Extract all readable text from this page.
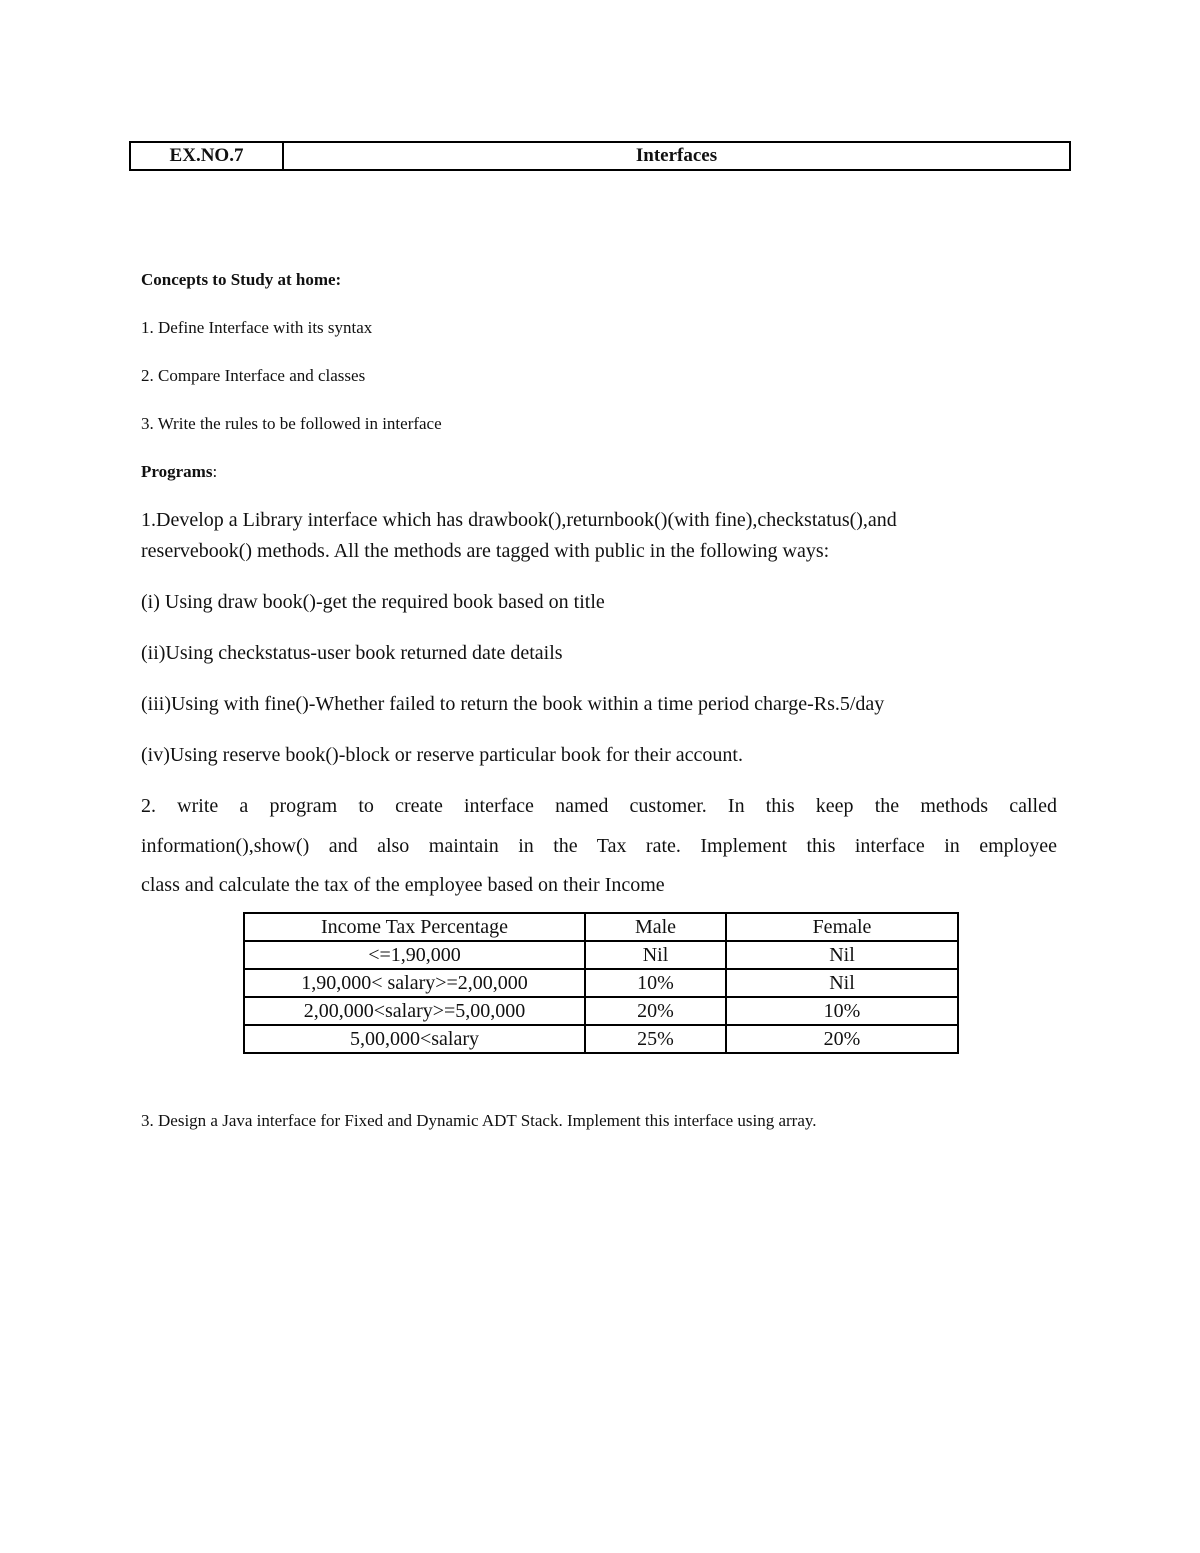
EX.NO.7	Interfaces
Concepts to Study at home:
1. Define Interface with its syntax
2. Compare Interface and classes
3. Write the rules to be followed in interface
Programs:
1.Develop a Library interface which has drawbook(),returnbook()(with fine),checkstatus(),and
reservebook() methods. All the methods are tagged with public in the following ways:
(i) Using draw book()-get the required book based on title
(ii)Using checkstatus-user book returned date details
(iii)Using with fine()-Whether failed to return the book within a time period charge-Rs.5/day
(iv)Using reserve book()-block or reserve particular book for their account.
2. write a program to create interface named customer. In this keep the methods called
information(),show() and also maintain in the Tax rate. Implement this interface in employee
class and calculate the tax of the employee based on their Income
Income Tax Percentage	Male	Female
<=1,90,000	Nil	Nil
1,90,000< salary>=2,00,000	10%	Nil
2,00,000<salary>=5,00,000	20%	10%
5,00,000<salary	25%	20%
3. Design a Java interface for Fixed and Dynamic ADT Stack. Implement this interface using array.
